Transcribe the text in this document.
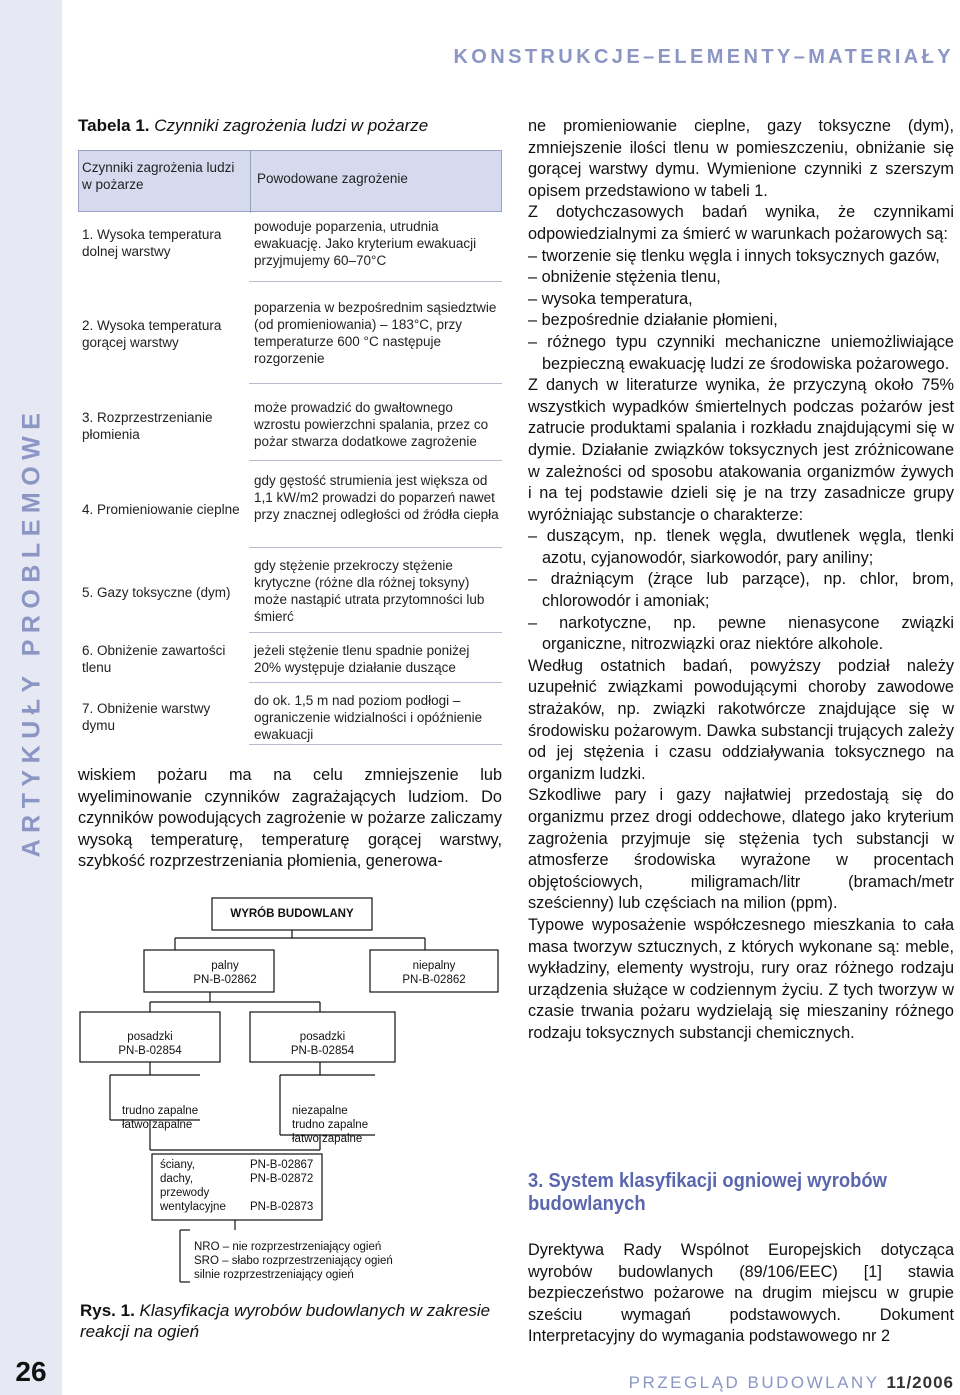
ARTYKUŁY PROBLEMOWE
26
KONSTRUKCJE–ELEMENTY–MATERIAŁY
Tabela 1. Czynniki zagrożenia ludzi w pożarze
Czynniki zagrożenia ludzi w pożarze	Powodowane zagrożenie
1. Wysoka temperatura dolnej warstwy
powoduje poparzenia, utrudnia ewakuację. Jako kryterium ewakuacji przyjmujemy 60–70°C
2. Wysoka temperatura gorącej warstwy
poparzenia w bezpośrednim sąsiedztwie (od promieniowania) – 183°C, przy temperaturze 600 °C następuje rozgorzenie
3. Rozprzestrzenianie płomienia
może prowadzić do gwałtownego wzrostu powierzchni spalania, przez co pożar stwarza dodatkowe zagrożenie
4. Promieniowanie cieplne
gdy gęstość strumienia jest większa od 1,1 kW/m2 prowadzi do poparzeń nawet przy znacznej odległości od źródła ciepła
5. Gazy toksyczne (dym)
gdy stężenie przekroczy stężenie krytyczne (różne dla różnej toksyny) może nastąpić utrata przytomności lub śmierć
6. Obniżenie zawartości tlenu
jeżeli stężenie tlenu spadnie poniżej 20% występuje działanie duszące
7. Obniżenie warstwy dymu
do ok. 1,5 m nad poziom podłogi – ograniczenie widzialności i opóźnienie ewakuacji

wiskiem pożaru ma na celu zmniejszenie lub wyeliminowanie czynników zagrażających ludziom. Do czynników powodujących zagrożenie w pożarze zaliczamy wysoką temperaturę, temperaturę gorącej warstwy, szybkość rozprzestrzeniania płomienia, generowa-

WYRÓB BUDOWLANY
palny
PN-B-02862
niepalny
PN-B-02862
posadzki
PN-B-02854
posadzki
PN-B-02854
trudno zapalne
łatwo zapalne
niezapalne
trudno zapalne
łatwo zapalne
ściany,
dachy,
przewody
wentylacyjne
PN-B-02867
PN-B-02872

PN-B-02873
NRO – nie rozprzestrzeniający ogień
SRO – słabo rozprzestrzeniający ogień
silnie rozprzestrzeniający ogień
Rys. 1. Klasyfikacja wyrobów budowlanych w zakresie reakcji na ogień

ne promieniowanie cieplne, gazy toksyczne (dym), zmniejszenie ilości tlenu w pomieszczeniu, obniżanie się gorącej warstwy dymu. Wymienione czynniki z szerszym opisem przedstawiono w tabeli 1.

Z dotychczasowych badań wynika, że czynnikami odpowiedzialnymi za śmierć w warunkach pożarowych są:

– tworzenie się tlenku węgla i innych toksycznych gazów,

– obniżenie stężenia tlenu,

– wysoka temperatura,

– bezpośrednie działanie płomieni,

– różnego typu czynniki mechaniczne uniemożliwiające bezpieczną ewakuację ludzi ze środowiska pożarowego.

Z danych w literaturze wynika, że przyczyną około 75% wszystkich wypadków śmiertelnych podczas pożarów jest zatrucie produktami spalania i rozkładu znajdującymi się w dymie. Działanie związków toksycznych jest zróżnicowane w zależności od sposobu atakowania organizmów żywych i na tej podstawie dzieli się je na trzy zasadnicze grupy wyróżniając substancje o charakterze:

– duszącym, np. tlenek węgla, dwutlenek węgla, tlenki azotu, cyjanowodór, siarkowodór, pary aniliny;

– drażniącym (żrące lub parzące), np. chlor, brom, chlorowodór i amoniak;

– narkotyczne, np. pewne nienasycone związki organiczne, nitrozwiązki oraz niektóre alkohole.

Według ostatnich badań, powyższy podział należy uzupełnić związkami powodującymi choroby zawodowe strażaków, np. związki rakotwórcze znajdujące się w środowisku pożarowym. Dawka substancji trujących zależy od jej stężenia i czasu oddziaływania toksycznego na organizm ludzki.

Szkodliwe pary i gazy najłatwiej przedostają się do organizmu przez drogi oddechowe, dlatego jako kryterium zagrożenia przyjmuje się stężenia tych substancji w atmosferze środowiska wyrażone w procentach objętościowych, miligramach/litr (bramach/metr sześcienny) lub częściach na milion (ppm).

Typowe wyposażenie współczesnego mieszkania to cała masa tworzyw sztucznych, z których wykonane są: meble, wykładziny, elementy wystroju, rury oraz różnego rodzaju urządzenia służące w codziennym życiu. Z tych tworzyw w czasie trwania pożaru wydzielają się mieszaniny różnego rodzaju toksycznych substancji chemicznych.

3. System klasyfikacji ogniowej wyrobów budowlanych

Dyrektywa Rady Wspólnot Europejskich dotycząca wyrobów budowlanych (89/106/EEC) [1] stawia bezpieczeństwo pożarowe na drugim miejscu w grupie sześciu wymagań podstawowych. Dokument Interpretacyjny do wymagania podstawowego nr 2

PRZEGLĄD BUDOWLANY 11/2006
